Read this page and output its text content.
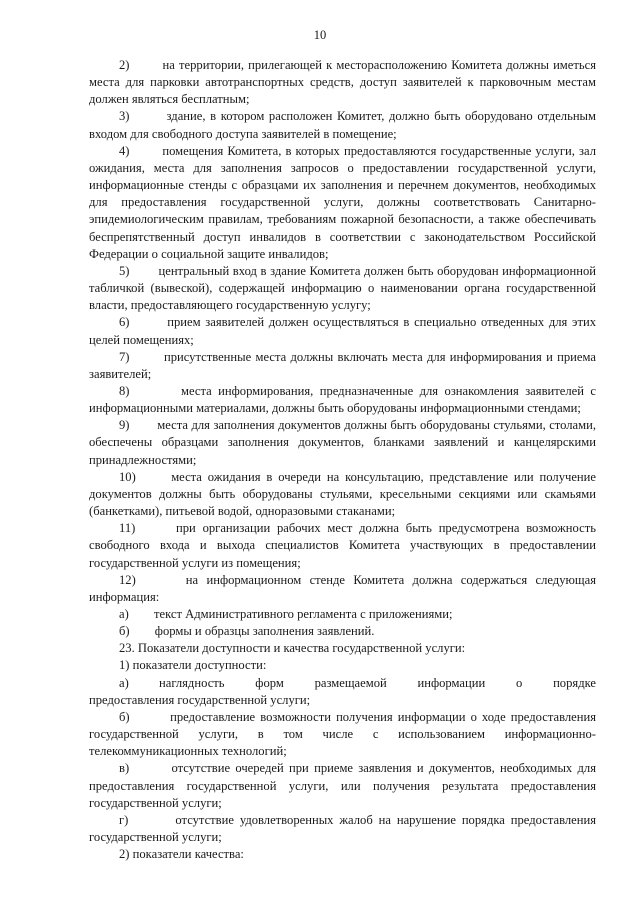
10

2)        на территории, прилегающей к месторасположению Комитета должны иметься места для парковки автотранспортных средств, доступ заявителей к парковочным местам должен являться бесплатным;

3)        здание, в котором расположен Комитет, должно быть оборудовано отдельным входом для свободного доступа заявителей в помещение;

4)        помещения Комитета, в которых предоставляются государственные услуги, зал ожидания, места для заполнения запросов о предоставлении государственной услуги, информационные стенды с образцами их заполнения и перечнем документов, необходимых для предоставления государственной услуги, должны соответствовать Санитарно-эпидемиологическим правилам, требованиям пожарной безопасности, а также обеспечивать беспрепятственный доступ инвалидов в соответствии с законодательством Российской Федерации о социальной защите инвалидов;

5)        центральный вход в здание Комитета должен быть оборудован информационной табличкой (вывеской), содержащей информацию о наименовании органа государственной власти, предоставляющего государственную услугу;

6)        прием заявителей должен осуществляться в специально отведенных для этих целей помещениях;

7)        присутственные места должны включать места для информирования и приема заявителей;

8)        места информирования, предназначенные для ознакомления заявителей с информационными материалами, должны быть оборудованы информационными стендами;

9)        места для заполнения документов должны быть оборудованы стульями, столами, обеспечены образцами заполнения документов, бланками заявлений и канцелярскими принадлежностями;

10)      места ожидания в очереди на консультацию, представление или получение документов должны быть оборудованы стульями, кресельными секциями или скамьями (банкетками), питьевой водой, одноразовыми стаканами;

11)      при организации рабочих мест должна быть предусмотрена возможность свободного входа и выхода специалистов Комитета участвующих в предоставлении государственной услуги из помещения;

12)      на информационном стенде Комитета должна содержаться следующая информация:

а)        текст Административного регламента с приложениями;

б)        формы и образцы заполнения заявлений.

23. Показатели доступности и качества государственной услуги:

1) показатели доступности:

а)	наглядность форм размещаемой информации о порядке

предоставления государственной услуги;

б)        предоставление возможности получения информации о ходе предоставления государственной услуги, в том числе с использованием информационно-телекоммуникационных технологий;

в)        отсутствие очередей при приеме заявления и документов, необходимых для предоставления государственной услуги, или получения результата предоставления государственной услуги;

г)        отсутствие удовлетворенных жалоб на нарушение порядка предоставления государственной услуги;

2) показатели качества:
